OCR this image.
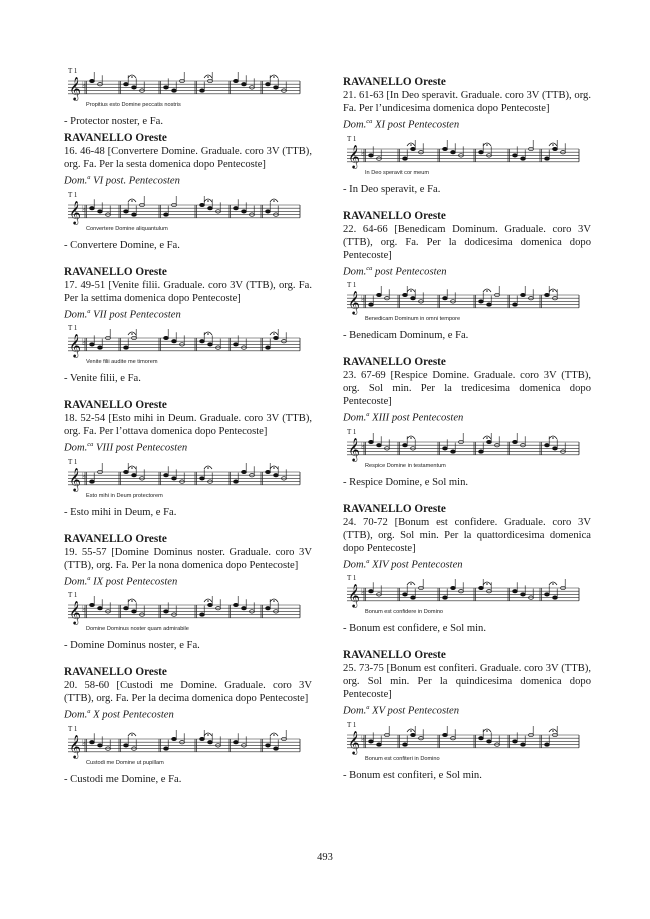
T 1
𝄞 ♭
Propitius esto Domine peccatis nostris
- Protector noster, e Fa.
RAVANELLO Oreste
16. 46-48 [Convertere Domine. Graduale. coro 3V (TTB), org. Fa. Per la sesta domenica dopo Pentecoste]
Dom.$^a$ VI post. Pentecosten
T 1
𝄞 ♭
Convertere Domine aliquantulum
- Convertere Domine, e Fa.
RAVANELLO Oreste
17. 49-51 [Venite filii. Graduale. coro 3V (TTB), org. Fa. Per la settima domenica dopo Pentecoste]
Dom.$^a$ VII post Pentecosten
T 1
𝄞 ♭
Venite filii audite me timorem
- Venite filii, e Fa.
RAVANELLO Oreste
18. 52-54 [Esto mihi in Deum. Graduale. coro 3V (TTB), org. Fa. Per l’ottava domenica dopo Pentecoste]
Dom.$^{ca}$ VIII post Pentecosten
T 1
𝄞 ♭
Esto mihi in Deum protectorem
- Esto mihi in Deum, e Fa.
RAVANELLO Oreste
19. 55-57 [Domine Dominus noster. Graduale. coro 3V (TTB), org. Fa. Per la nona domenica dopo Pentecoste]
Dom.$^a$ IX post Pentecosten
T 1
𝄞 ♭
Domine Dominus noster quam admirabile
- Domine Dominus noster, e Fa.
RAVANELLO Oreste
20. 58-60 [Custodi me Domine. Graduale. coro 3V (TTB), org. Fa. Per la decima domenica dopo Pentecoste]
Dom.$^a$ X post Pentecosten
T 1
𝄞 ♭
Custodi me Domine ut pupillam
- Custodi me Domine, e Fa.
RAVANELLO Oreste
21. 61-63 [In Deo speravit. Graduale. coro 3V (TTB), org. Fa. Per l’undicesima domenica dopo Pentecoste]
Dom.$^{ca}$ XI post Pentecosten
T 1
𝄞 ♭
In Deo speravit cor meum
- In Deo speravit, e Fa.
RAVANELLO Oreste
22. 64-66 [Benedicam Dominum. Graduale. coro 3V (TTB), org. Fa. Per la dodicesima domenica dopo Pentecoste]
Dom.$^{ca}$ post Pentecosten
T 1
𝄞 ♭
Benedicam Dominum in omni tempore
- Benedicam Dominum, e Fa.
RAVANELLO Oreste
23. 67-69 [Respice Domine. Graduale. coro 3V (TTB), org. Sol min. Per la tredicesima domenica dopo Pentecoste]
Dom.$^a$ XIII post Pentecosten
T 1
𝄞 ♭
Respice Domine in testamentum
- Respice Domine, e Sol min.
RAVANELLO Oreste
24. 70-72 [Bonum est confidere. Graduale. coro 3V (TTB), org. Sol min. Per la quattordicesima domenica dopo Pentecoste]
Dom.$^a$ XIV post Pentecosten
T 1
𝄞 ♭
Bonum est confidere in Domino
- Bonum est confidere, e Sol min.
RAVANELLO Oreste
25. 73-75 [Bonum est confiteri. Graduale. coro 3V (TTB), org. Sol min. Per la quindicesima domenica dopo Pentecoste]
Dom.$^a$ XV post Pentecosten
T 1
𝄞 ♭
Bonum est confiteri in Domino
- Bonum est confiteri, e Sol min.
493
